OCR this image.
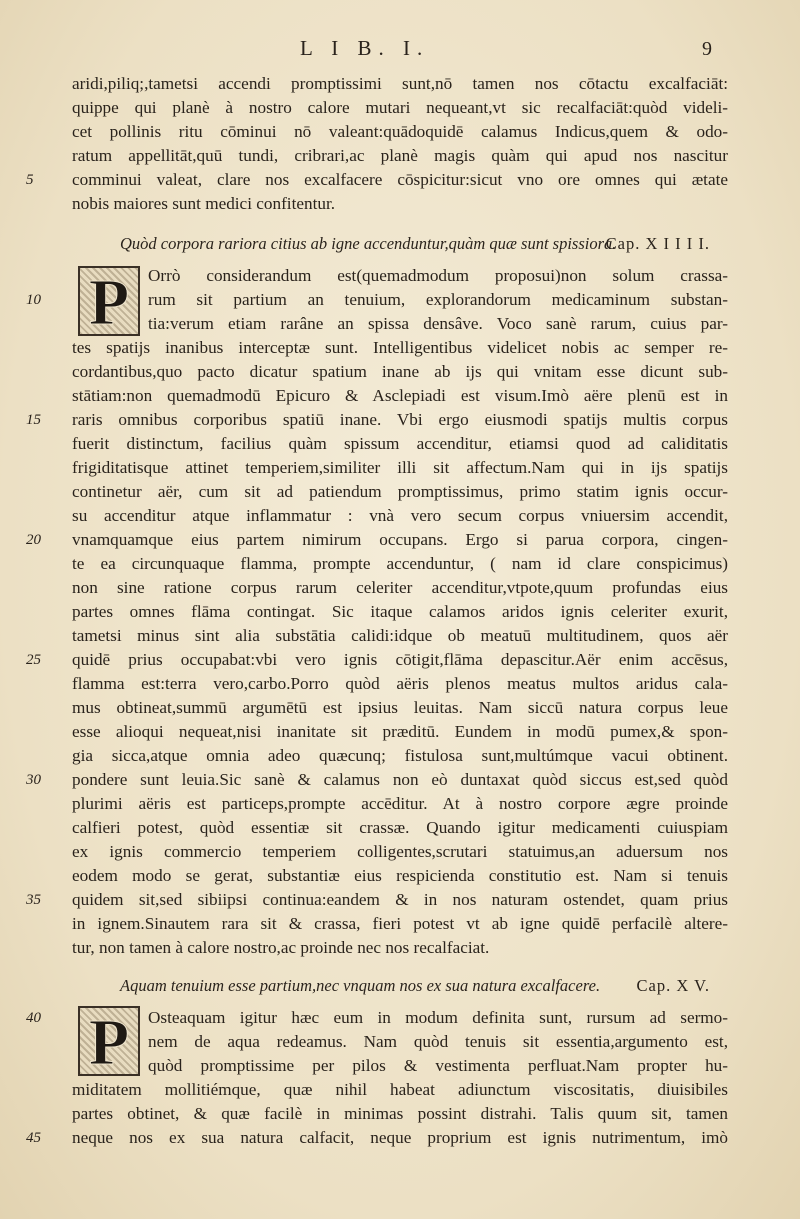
L I B. I.	9
aridi,piliq;,tametsi accendi promptissimi sunt,nō tamen nos cōtactu excalfaciāt:
quippe qui planè à nostro calore mutari nequeant,vt sic recalfaciāt:quòd videli-
cet pollinis ritu cōminui nō valeant:quādoquidē calamus Indicus,quem & odo-
ratum appellitāt,quū tundi, cribrari,ac planè magis quàm qui apud nos nascitur
5 comminui valeat, clare nos excalfacere cōspicitur:sicut vno ore omnes qui ætate
nobis maiores sunt medici confitentur.
Quòd corpora rariora citius ab igne accenduntur,quàm quæ sunt spissiora.
Cap. X I I I I.
P	Orrò considerandum est(quemadmodum proposui)non solum crassa-
10	rum sit partium an tenuium, explorandorum medicaminum substan-
tia:verum etiam rarâne an spissa densâve. Voco sanè rarum, cuius par-
tes spatijs inanibus interceptæ sunt. Intelligentibus videlicet nobis ac semper re-
cordantibus,quo pacto dicatur spatium inane ab ijs qui vnitam esse dicunt sub-
stātiam:non quemadmodū Epicuro & Asclepiadi est visum.Imò aëre plenū est in
15 raris omnibus corporibus spatiū inane. Vbi ergo eiusmodi spatijs multis corpus
fuerit distinctum, facilius quàm spissum accenditur, etiamsi quod ad caliditatis
frigiditatisque attinet temperiem,similiter illi sit affectum.Nam qui in ijs spatijs
continetur aër, cum sit ad patiendum promptissimus, primo statim ignis occur-
su accenditur atque inflammatur : vnà vero secum corpus vniuersim accendit,
20 vnamquamque eius partem nimirum occupans. Ergo si parua corpora, cingen-
te ea circunquaque flamma, prompte accenduntur, ( nam id clare conspicimus)
non sine ratione corpus rarum celeriter accenditur,vtpote,quum profundas eius
partes omnes flāma contingat. Sic itaque calamos aridos ignis celeriter exurit,
tametsi minus sint alia substātia calidi:idque ob meatuū multitudinem, quos aër
25 quidē prius occupabat:vbi vero ignis cōtigit,flāma depascitur.Aër enim accēsus,
flamma est:terra vero,carbo.Porro quòd aëris plenos meatus multos aridus cala-
mus obtineat,summū argumētū est ipsius leuitas. Nam siccū natura corpus leue
esse alioqui nequeat,nisi inanitate sit præditū. Eundem in modū pumex,& spon-
gia sicca,atque omnia adeo quæcunq; fistulosa sunt,multúmque vacui obtinent.
30 pondere sunt leuia.Sic sanè & calamus non eò duntaxat quòd siccus est,sed quòd
plurimi aëris est particeps,prompte accēditur. At à nostro corpore ægre proinde
calfieri potest, quòd essentiæ sit crassæ. Quando igitur medicamenti cuiuspiam
ex ignis commercio temperiem colligentes,scrutari statuimus,an aduersum nos
eodem modo se gerat, substantiæ eius respicienda constitutio est. Nam si tenuis
35 quidem sit,sed sibiipsi continua:eandem & in nos naturam ostendet, quam prius
in ignem.Sinautem rara sit & crassa, fieri potest vt ab igne quidē perfacilè altere-
tur, non tamen à calore nostro,ac proinde nec nos recalfaciat.
Aquam tenuium esse partium,nec vnquam nos ex sua natura excalfacere. Cap. X V.
P
40	Osteaquam igitur hæc eum in modum definita sunt, rursum ad sermo-
nem de aqua redeamus. Nam quòd tenuis sit essentia,argumento est,
quòd promptissime per pilos & vestimenta perfluat.Nam propter hu-
miditatem mollitiémque, quæ nihil habeat adiunctum viscositatis, diuisibiles
partes obtinet, & quæ facilè in minimas possint distrahi. Talis quum sit, tamen
45 neque nos ex sua natura calfacit, neque proprium est ignis nutrimentum, imò
